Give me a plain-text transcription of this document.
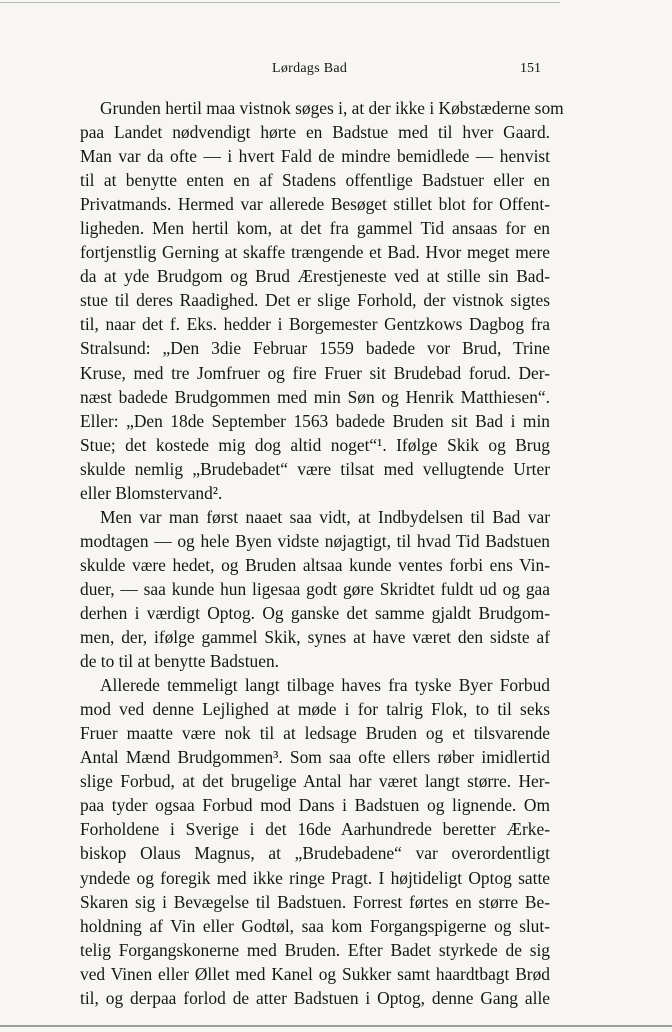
Lørdags Bad	151

Grunden hertil maa vistnok søges i, at der ikke i Købstæderne som
paa Landet nødvendigt hørte en Badstue med til hver Gaard.
Man var da ofte — i hvert Fald de mindre bemidlede — henvist
til at benytte enten en af Stadens offentlige Badstuer eller en
Privatmands. Hermed var allerede Besøget stillet blot for Offent-
ligheden. Men hertil kom, at det fra gammel Tid ansaas for en
fortjenstlig Gerning at skaffe trængende et Bad. Hvor meget mere
da at yde Brudgom og Brud Ærestjeneste ved at stille sin Bad-
stue til deres Raadighed. Det er slige Forhold, der vistnok sigtes
til, naar det f. Eks. hedder i Borgemester Gentzkows Dagbog fra
Stralsund: „Den 3die Februar 1559 badede vor Brud, Trine
Kruse, med tre Jomfruer og fire Fruer sit Brudebad forud. Der-
næst badede Brudgommen med min Søn og Henrik Matthiesen“.
Eller: „Den 18de September 1563 badede Bruden sit Bad i min
Stue; det kostede mig dog altid noget“¹. Ifølge Skik og Brug
skulde nemlig „Brudebadet“ være tilsat med vellugtende Urter
eller Blomstervand².

Men var man først naaet saa vidt, at Indbydelsen til Bad var
modtagen — og hele Byen vidste nøjagtigt, til hvad Tid Badstuen
skulde være hedet, og Bruden altsaa kunde ventes forbi ens Vin-
duer, — saa kunde hun ligesaa godt gøre Skridtet fuldt ud og gaa
derhen i værdigt Optog. Og ganske det samme gjaldt Brudgom-
men, der, ifølge gammel Skik, synes at have været den sidste af
de to til at benytte Badstuen.

Allerede temmeligt langt tilbage haves fra tyske Byer Forbud
mod ved denne Lejlighed at møde i for talrig Flok, to til seks
Fruer maatte være nok til at ledsage Bruden og et tilsvarende
Antal Mænd Brudgommen³. Som saa ofte ellers røber imidlertid
slige Forbud, at det brugelige Antal har været langt større. Her-
paa tyder ogsaa Forbud mod Dans i Badstuen og lignende. Om
Forholdene i Sverige i det 16de Aarhundrede beretter Ærke-
biskop Olaus Magnus, at „Brudebadene“ var overordentligt
yndede og foregik med ikke ringe Pragt. I højtideligt Optog satte
Skaren sig i Bevægelse til Badstuen. Forrest førtes en større Be-
holdning af Vin eller Godtøl, saa kom Forgangspigerne og slut-
telig Forgangskonerne med Bruden. Efter Badet styrkede de sig
ved Vinen eller Øllet med Kanel og Sukker samt haardtbagt Brød
til, og derpaa forlod de atter Badstuen i Optog, denne Gang alle
